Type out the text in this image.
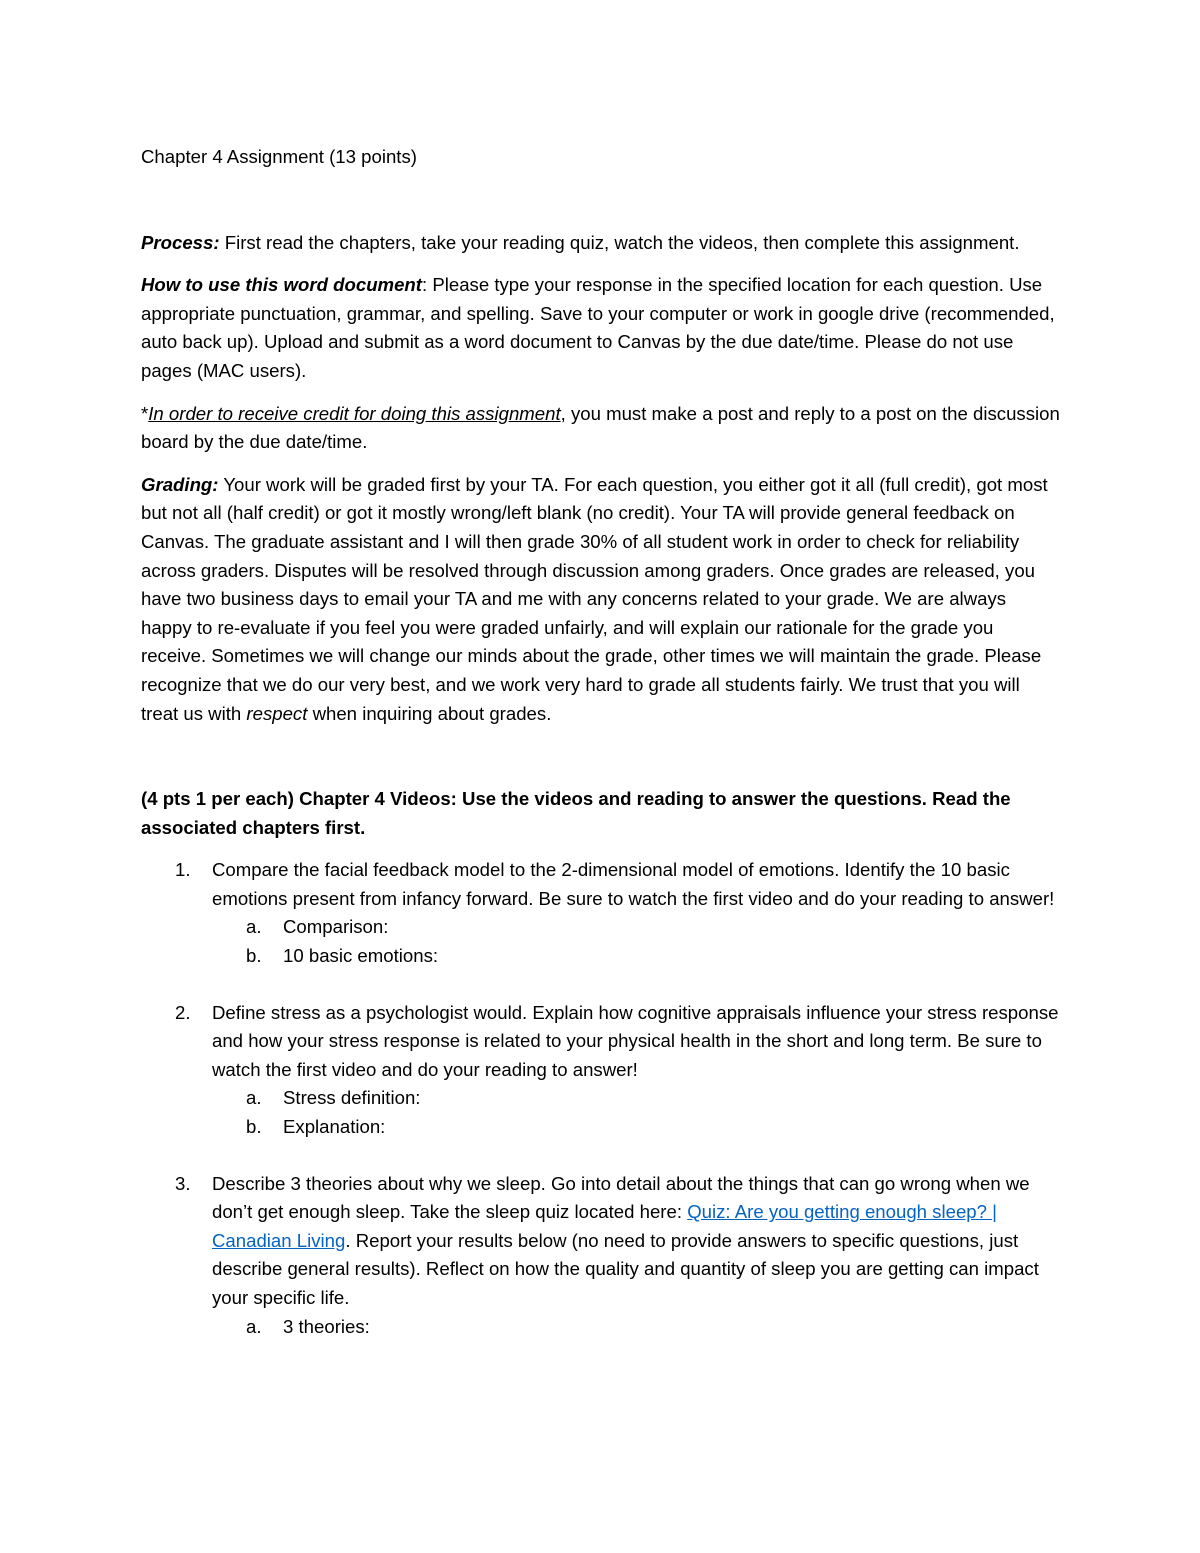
Chapter 4 Assignment (13 points)

Process: First read the chapters, take your reading quiz, watch the videos, then complete this assignment.

How to use this word document: Please type your response in the specified location for each question. Use appropriate punctuation, grammar, and spelling. Save to your computer or work in google drive (recommended, auto back up). Upload and submit as a word document to Canvas by the due date/time. Please do not use pages (MAC users).

*In order to receive credit for doing this assignment, you must make a post and reply to a post on the discussion board by the due date/time.

Grading: Your work will be graded first by your TA. For each question, you either got it all (full credit), got most but not all (half credit) or got it mostly wrong/left blank (no credit). Your TA will provide general feedback on Canvas. The graduate assistant and I will then grade 30% of all student work in order to check for reliability across graders. Disputes will be resolved through discussion among graders. Once grades are released, you have two business days to email your TA and me with any concerns related to your grade. We are always happy to re-evaluate if you feel you were graded unfairly, and will explain our rationale for the grade you receive. Sometimes we will change our minds about the grade, other times we will maintain the grade. Please recognize that we do our very best, and we work very hard to grade all students fairly. We trust that you will treat us with respect when inquiring about grades.

(4 pts 1 per each) Chapter 4 Videos: Use the videos and reading to answer the questions. Read the associated chapters first.
1. Compare the facial feedback model to the 2-dimensional model of emotions. Identify the 10 basic emotions present from infancy forward. Be sure to watch the first video and do your reading to answer!
a. Comparison:
b. 10 basic emotions:
2. Define stress as a psychologist would. Explain how cognitive appraisals influence your stress response and how your stress response is related to your physical health in the short and long term. Be sure to watch the first video and do your reading to answer!
a. Stress definition:
b. Explanation:
3. Describe 3 theories about why we sleep. Go into detail about the things that can go wrong when we don’t get enough sleep. Take the sleep quiz located here: Quiz: Are you getting enough sleep? | Canadian Living. Report your results below (no need to provide answers to specific questions, just describe general results). Reflect on how the quality and quantity of sleep you are getting can impact your specific life.
a. 3 theories:
